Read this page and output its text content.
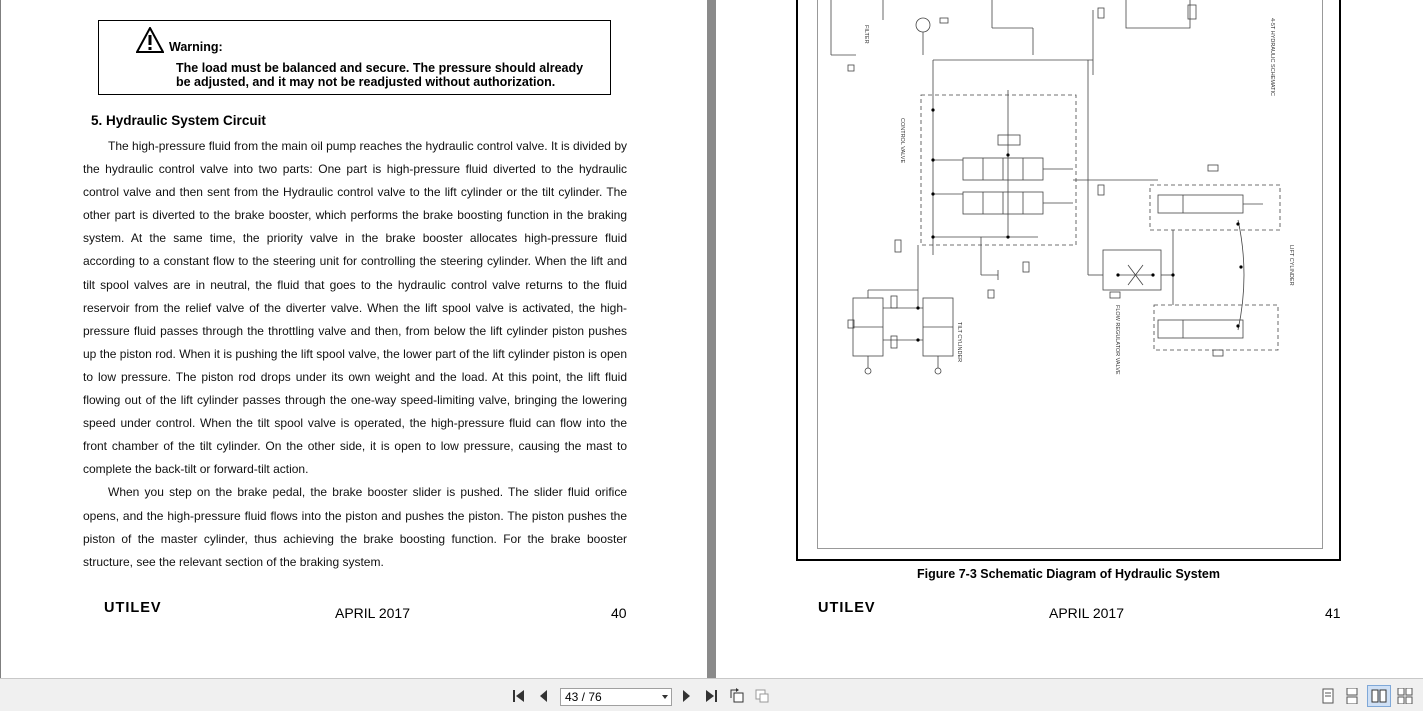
Warning:
The load must be balanced and secure. The pressure should already
be adjusted, and it may not be readjusted without authorization.
5. Hydraulic System Circuit

The high-pressure fluid from the main oil pump reaches the hydraulic control valve. It is divided by the hydraulic control valve into two parts: One part is high-pressure fluid diverted to the hydraulic control valve and then sent from the Hydraulic control valve to the lift cylinder or the tilt cylinder. The other part is diverted to the brake booster, which performs the brake boosting function in the braking system. At the same time, the priority valve in the brake booster allocates high-pressure fluid according to a constant flow to the steering unit for controlling the steering cylinder. When the lift and tilt spool valves are in neutral, the fluid that goes to the hydraulic control valve returns to the fluid reservoir from the relief valve of the diverter valve. When the lift spool valve is activated, the high-pressure fluid passes through the throttling valve and then, from below the lift cylinder piston pushes up the piston rod. When it is pushing the lift spool valve, the lower part of the lift cylinder piston is open to low pressure. The piston rod drops under its own weight and the load. At this point, the lift fluid flowing out of the lift cylinder passes through the one-way speed-limiting valve, bringing the lowering speed under control. When the tilt spool valve is operated, the high-pressure fluid can flow into the front chamber of the tilt cylinder. On the other side, it is open to low pressure, causing the mast to complete the back-tilt or forward-tilt action.

When you step on the brake pedal, the brake booster slider is pushed. The slider fluid orifice opens, and the high-pressure fluid flows into the piston and pushes the piston. The piston pushes the piston of the master cylinder, thus achieving the brake boosting function. For the brake booster structure, see the relevant section of the braking system.

UTILEV	APRIL 2017	40
4-5T HYDRAULIC SCHEMATIC
LIFT CYLINDER
TILT CYLINDER
CONTROL VALVE
FILTER
FLOW REGULATOR VALVE
Figure 7-3 Schematic Diagram of Hydraulic System
UTILEV	APRIL 2017	41
43 / 76
